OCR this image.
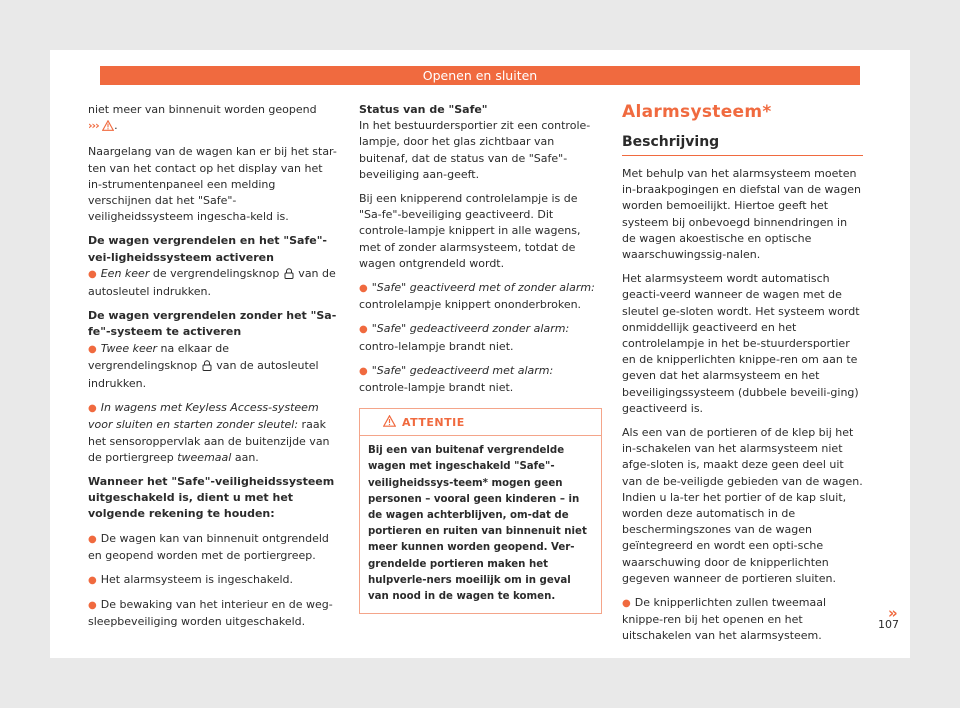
Openen en sluiten

niet meer van binnenuit worden geopend

››› .

Naargelang van de wagen kan er bij het star-ten van het contact op het display van het in-strumentenpaneel een melding verschijnen dat het "Safe"-veiligheidssysteem ingescha-keld is.

De wagen vergrendelen en het "Safe"-vei-ligheidssysteem activeren

● Een keer de vergrendelingsknop  van de autosleutel indrukken.

De wagen vergrendelen zonder het "Sa-fe"-systeem te activeren

● Twee keer na elkaar de vergrendelingsknop  van de autosleutel indrukken.

● In wagens met Keyless Access-systeem voor sluiten en starten zonder sleutel: raak het sensoroppervlak aan de buitenzijde van de portiergreep tweemaal aan.

Wanneer het "Safe"-veiligheidssysteem uitgeschakeld is, dient u met het volgende rekening te houden:

● De wagen kan van binnenuit ontgrendeld en geopend worden met de portiergreep.

● Het alarmsysteem is ingeschakeld.

● De bewaking van het interieur en de weg-sleepbeveiliging worden uitgeschakeld.

Status van de "Safe"

In het bestuurdersportier zit een controle-lampje, door het glas zichtbaar van buitenaf, dat de status van de "Safe"-beveiliging aan-geeft.

Bij een knipperend controlelampje is de "Sa-fe"-beveiliging geactiveerd. Dit controle-lampje knippert in alle wagens, met of zonder alarmsysteem, totdat de wagen ontgrendeld wordt.

● "Safe" geactiveerd met of zonder alarm: controlelampje knippert ononderbroken.

● "Safe" gedeactiveerd zonder alarm: contro-lelampje brandt niet.

● "Safe" gedeactiveerd met alarm: controle-lampje brandt niet.

ATTENTIE
Bij een van buitenaf vergrendelde wagen met ingeschakeld "Safe"-veiligheidssys-teem* mogen geen personen – vooral geen kinderen – in de wagen achterblijven, om-dat de portieren en ruiten van binnenuit niet meer kunnen worden geopend. Ver-grendelde portieren maken het hulpverle-ners moeilijk om in geval van nood in de wagen te komen.
Alarmsysteem*
Beschrijving

Met behulp van het alarmsysteem moeten in-braakpogingen en diefstal van de wagen worden bemoeilijkt. Hiertoe geeft het systeem bij onbevoegd binnendringen in de wagen akoestische en optische waarschuwingssig-nalen.

Het alarmsysteem wordt automatisch geacti-veerd wanneer de wagen met de sleutel ge-sloten wordt. Het systeem wordt onmiddellijk geactiveerd en het controlelampje in het be-stuurdersportier en de knipperlichten knippe-ren om aan te geven dat het alarmsysteem en het beveiligingssysteem (dubbele beveili-ging) geactiveerd is.

Als een van de portieren of de klep bij het in-schakelen van het alarmsysteem niet afge-sloten is, maakt deze geen deel uit van de be-veiligde gebieden van de wagen. Indien u la-ter het portier of de kap sluit, worden deze automatisch in de beschermingszones van de wagen geïntegreerd en wordt een opti-sche waarschuwing door de knipperlichten gegeven wanneer de portieren sluiten.

● De knipperlichten zullen tweemaal knippe-ren bij het openen en het uitschakelen van het alarmsysteem.

»
107
